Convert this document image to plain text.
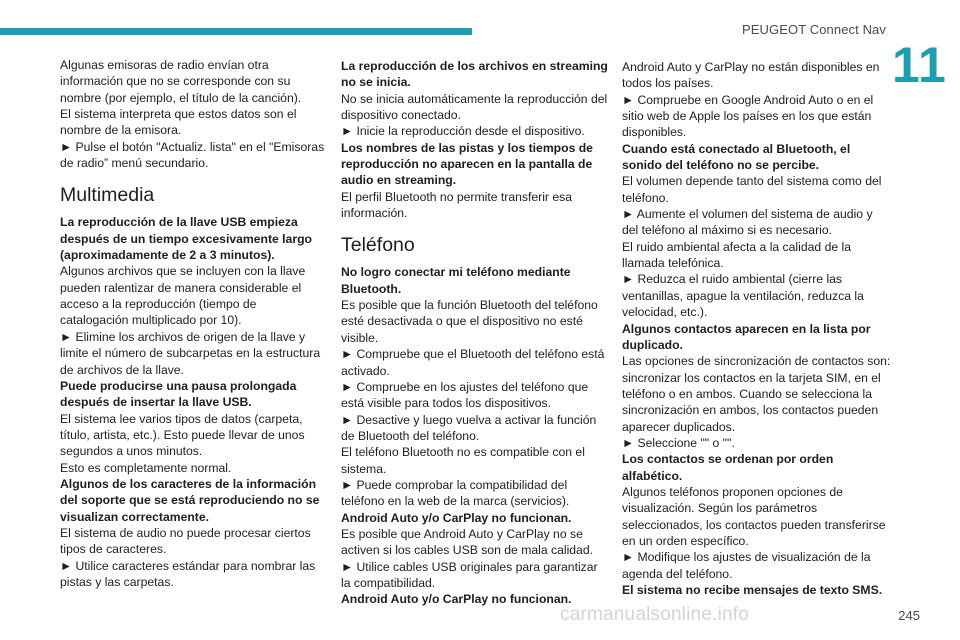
PEUGEOT Connect Nav
11

Algunas emisoras de radio envían otra información que no se corresponde con su nombre (por ejemplo, el título de la canción).

El sistema interpreta que estos datos son el nombre de la emisora.

► Pulse el botón "Actualiz. lista" en el "Emisoras de radio” menú secundario.

Multimedia

La reproducción de la llave USB empieza después de un tiempo excesivamente largo (aproximadamente de 2 a 3 minutos).

Algunos archivos que se incluyen con la llave pueden ralentizar de manera considerable el acceso a la reproducción (tiempo de catalogación multiplicado por 10).

► Elimine los archivos de origen de la llave y limite el número de subcarpetas en la estructura de archivos de la llave.

Puede producirse una pausa prolongada después de insertar la llave USB.

El sistema lee varios tipos de datos (carpeta, título, artista, etc.). Esto puede llevar de unos segundos a unos minutos.

Esto es completamente normal.

Algunos de los caracteres de la información del soporte que se está reproduciendo no se visualizan correctamente.

El sistema de audio no puede procesar ciertos tipos de caracteres.

► Utilice caracteres estándar para nombrar las pistas y las carpetas.

La reproducción de los archivos en streaming no se inicia.

No se inicia automáticamente la reproducción del dispositivo conectado.

► Inicie la reproducción desde el dispositivo.

Los nombres de las pistas y los tiempos de reproducción no aparecen en la pantalla de audio en streaming.

El perfil Bluetooth no permite transferir esa información.

Teléfono

No logro conectar mi teléfono mediante Bluetooth.

Es posible que la función Bluetooth del teléfono esté desactivada o que el dispositivo no esté visible.

► Compruebe que el Bluetooth del teléfono está activado.

► Compruebe en los ajustes del teléfono que está visible para todos los dispositivos.

► Desactive y luego vuelva a activar la función de Bluetooth del teléfono.

El teléfono Bluetooth no es compatible con el sistema.

► Puede comprobar la compatibilidad del teléfono en la web de la marca (servicios).

Android Auto y/o CarPlay no funcionan.

Es posible que Android Auto y CarPlay no se activen si los cables USB son de mala calidad.

► Utilice cables USB originales para garantizar la compatibilidad.

Android Auto y/o CarPlay no funcionan.

Android Auto y CarPlay no están disponibles en todos los países.

► Compruebe en Google Android Auto o en el sitio web de Apple los países en los que están disponibles.

Cuando está conectado al Bluetooth, el sonido del teléfono no se percibe.

El volumen depende tanto del sistema como del teléfono.

► Aumente el volumen del sistema de audio y del teléfono al máximo si es necesario.

El ruido ambiental afecta a la calidad de la llamada telefónica.

► Reduzca el ruido ambiental (cierre las ventanillas, apague la ventilación, reduzca la velocidad, etc.).

Algunos contactos aparecen en la lista por duplicado.

Las opciones de sincronización de contactos son: sincronizar los contactos en la tarjeta SIM, en el teléfono o en ambos. Cuando se selecciona la sincronización en ambos, los contactos pueden aparecer duplicados.

► Seleccione "" o "".

Los contactos se ordenan por orden alfabético.

Algunos teléfonos proponen opciones de visualización. Según los parámetros seleccionados, los contactos pueden transferirse en un orden específico.

► Modifique los ajustes de visualización de la agenda del teléfono.

El sistema no recibe mensajes de texto SMS.

carmanualsonline.info	245
